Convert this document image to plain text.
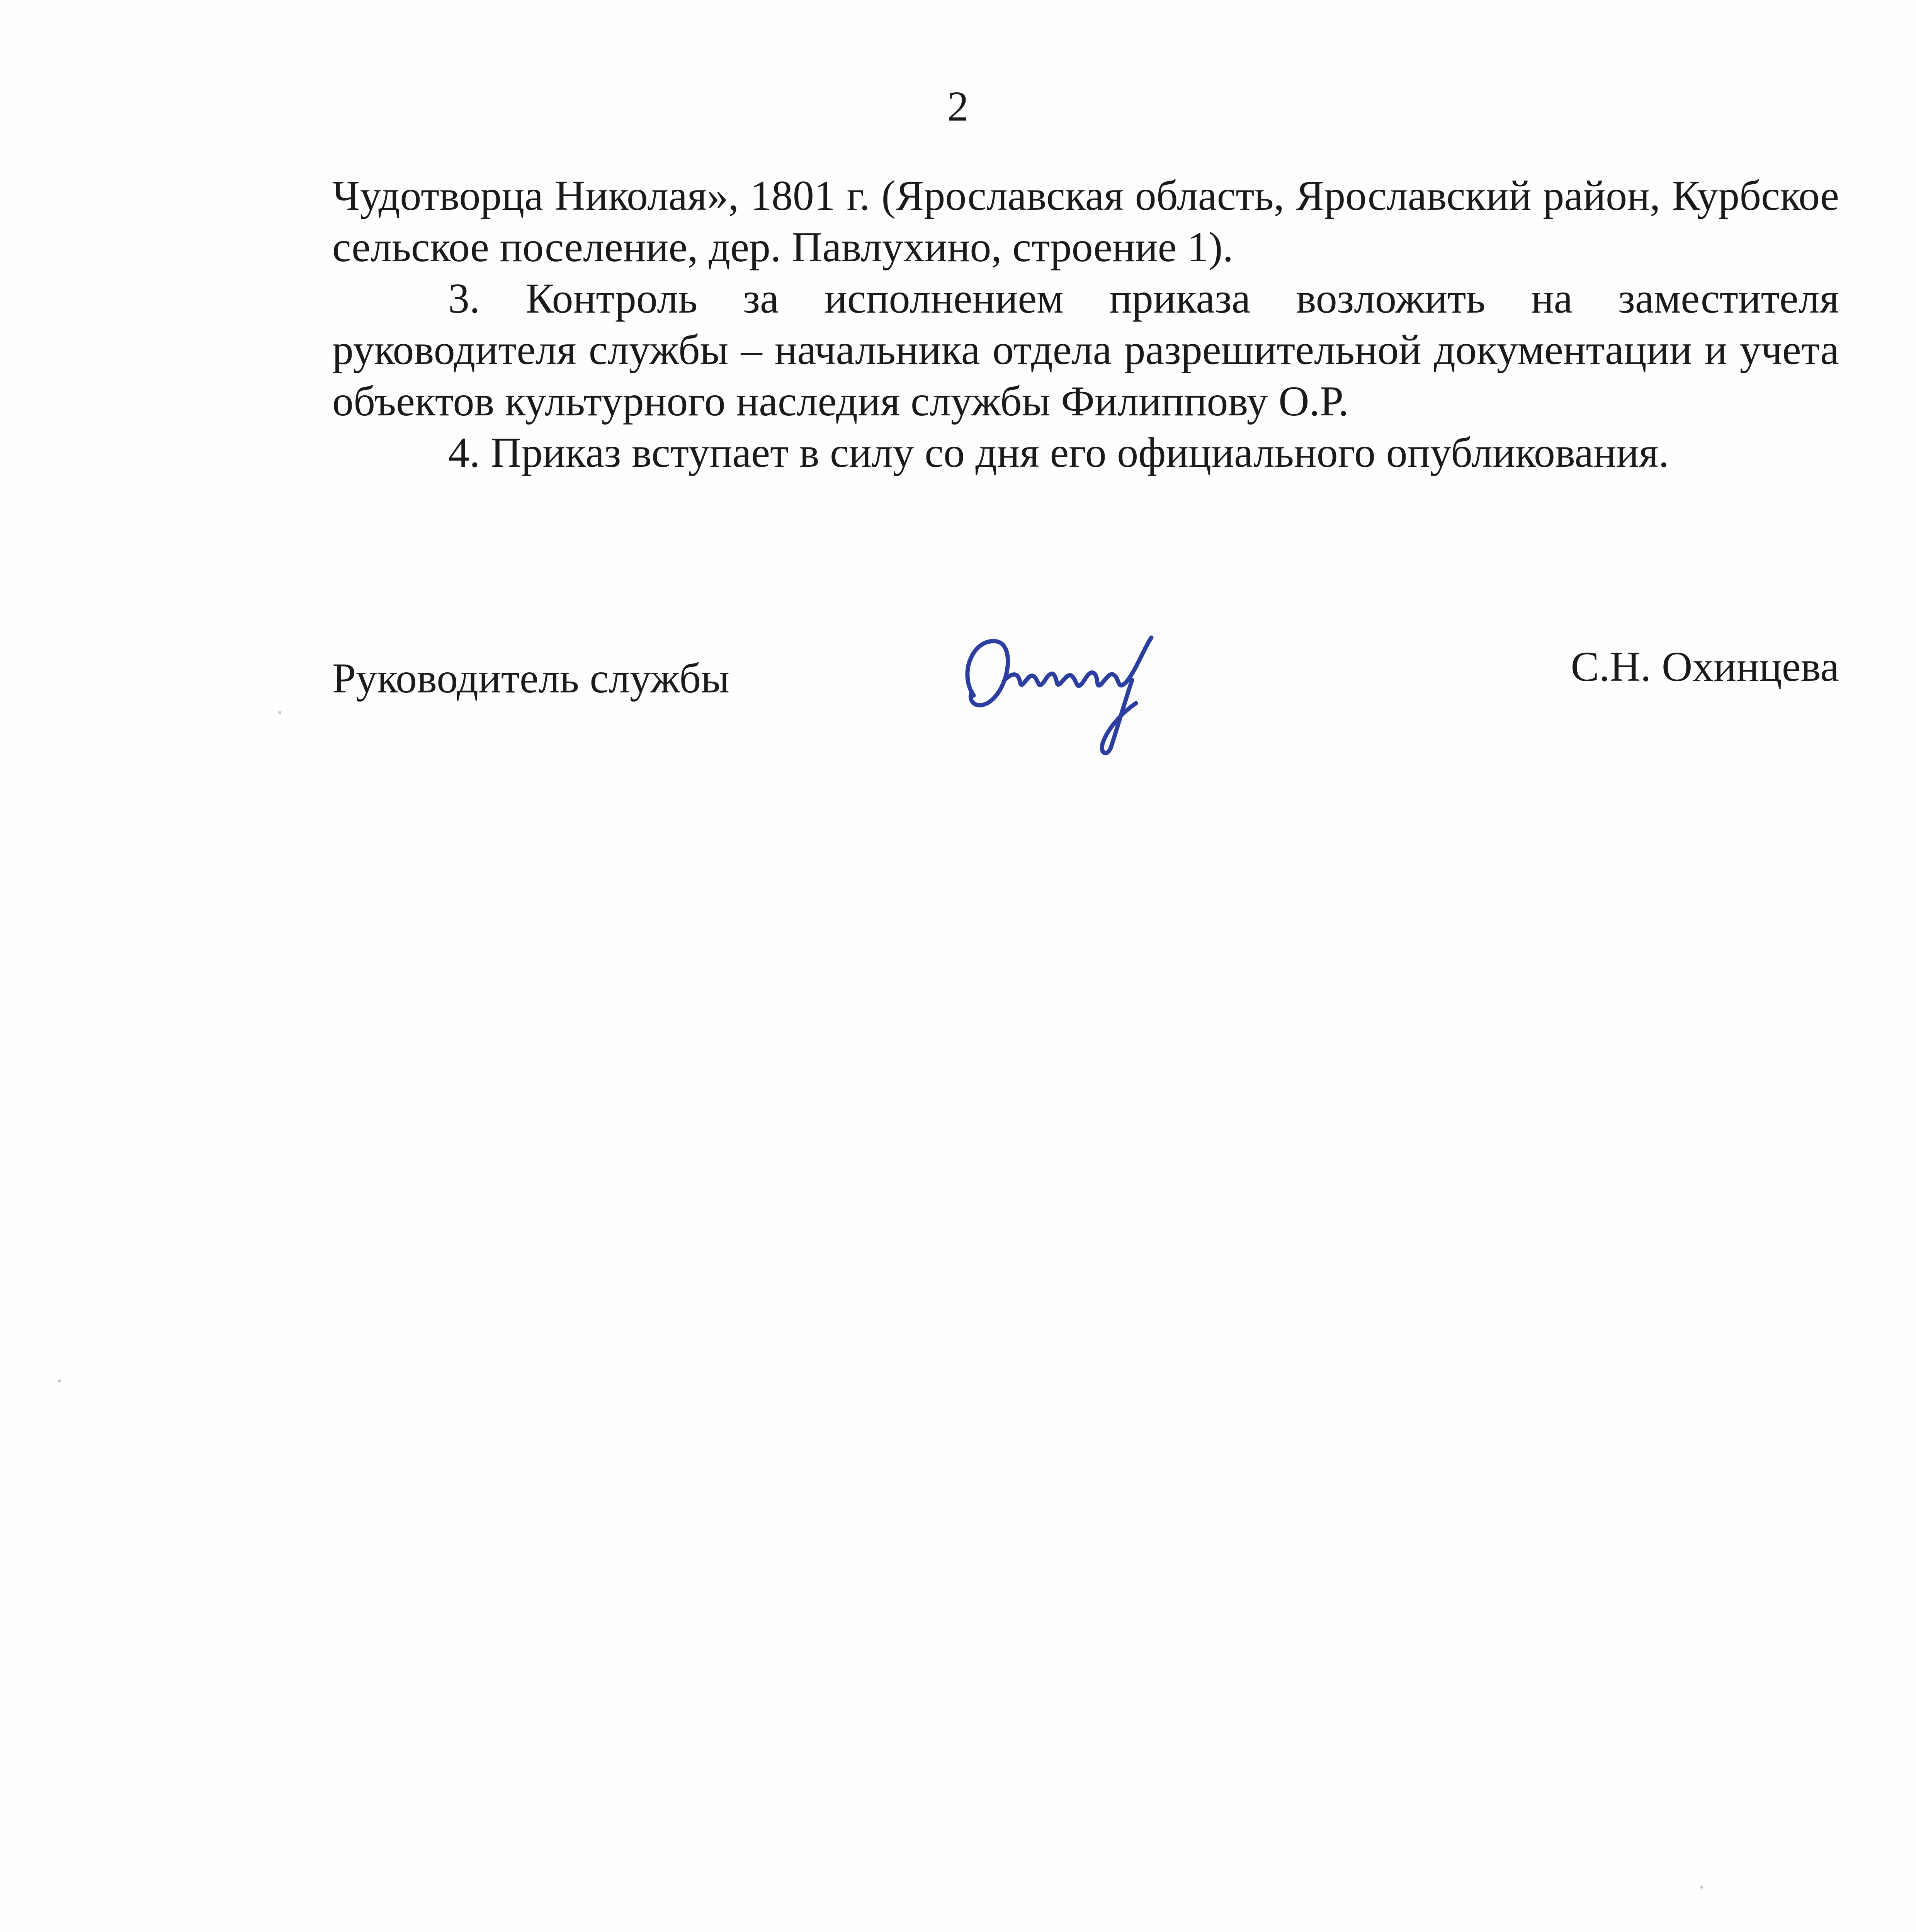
2

Чудотворца Николая», 1801 г. (Ярославская область, Ярославский район, Курбское сельское поселение, дер. Павлухино, строение 1).

3. Контроль за исполнением приказа возложить на заместителя руководителя службы – начальника отдела разрешительной документации и учета объектов культурного наследия службы Филиппову О.Р.

4. Приказ вступает в силу со дня его официального опубликования.

Руководитель службы	С.Н. Охинцева
